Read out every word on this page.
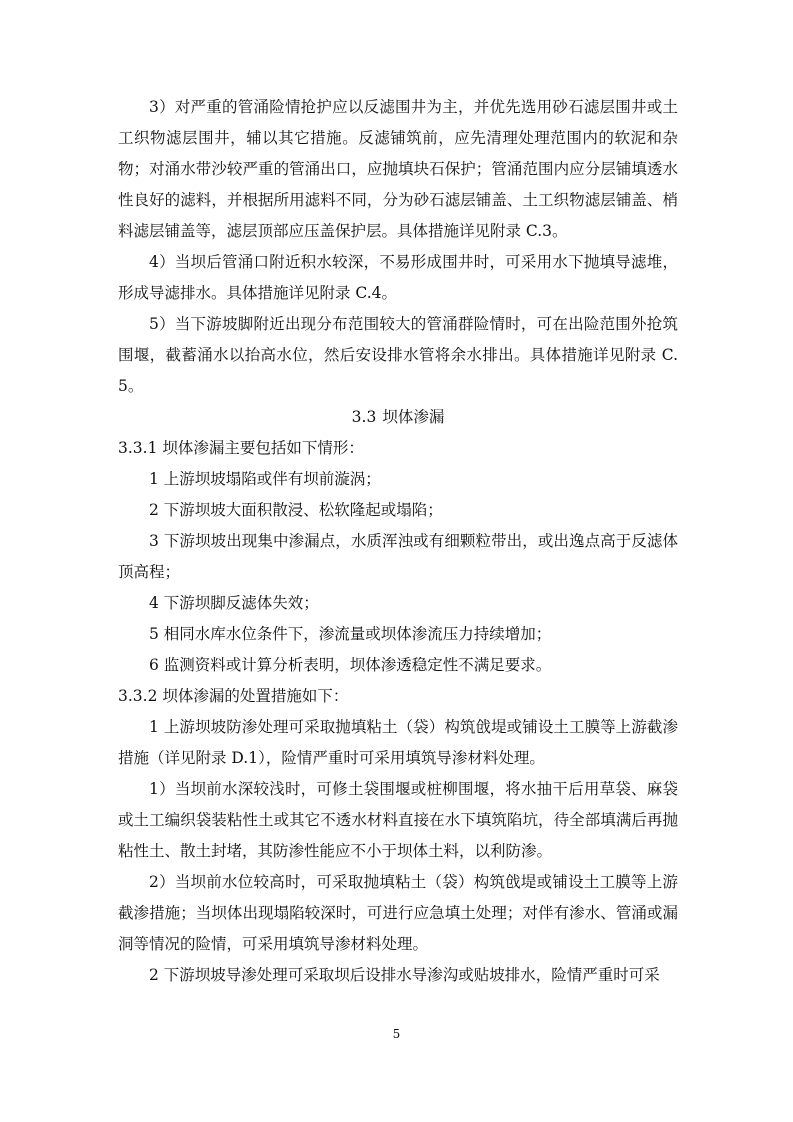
3）对严重的管涌险情抢护应以反滤围井为主，并优先选用砂石滤层围井或土工织物滤层围井，辅以其它措施。反滤铺筑前，应先清理处理范围内的软泥和杂物；对涌水带沙较严重的管涌出口，应抛填块石保护；管涌范围内应分层铺填透水性良好的滤料，并根据所用滤料不同，分为砂石滤层铺盖、土工织物滤层铺盖、梢料滤层铺盖等，滤层顶部应压盖保护层。具体措施详见附录 C.3。

4）当坝后管涌口附近积水较深，不易形成围井时，可采用水下抛填导滤堆，形成导滤排水。具体措施详见附录 C.4。

5）当下游坡脚附近出现分布范围较大的管涌群险情时，可在出险范围外抢筑围堰，截蓄涌水以抬高水位，然后安设排水管将余水排出。具体措施详见附录 C.5。

3.3 坝体渗漏

3.3.1 坝体渗漏主要包括如下情形：

1 上游坝坡塌陷或伴有坝前漩涡；

2 下游坝坡大面积散浸、松软隆起或塌陷；

3 下游坝坡出现集中渗漏点，水质浑浊或有细颗粒带出，或出逸点高于反滤体顶高程；

4 下游坝脚反滤体失效；

5 相同水库水位条件下，渗流量或坝体渗流压力持续增加；

6 监测资料或计算分析表明，坝体渗透稳定性不满足要求。

3.3.2 坝体渗漏的处置措施如下：

1 上游坝坡防渗处理可采取抛填粘土（袋）构筑戗堤或铺设土工膜等上游截渗措施（详见附录 D.1），险情严重时可采用填筑导渗材料处理。

1）当坝前水深较浅时，可修土袋围堰或桩柳围堰，将水抽干后用草袋、麻袋或土工编织袋装粘性土或其它不透水材料直接在水下填筑陷坑，待全部填满后再抛粘性土、散土封堵，其防渗性能应不小于坝体土料，以利防渗。

2）当坝前水位较高时，可采取抛填粘土（袋）构筑戗堤或铺设土工膜等上游截渗措施；当坝体出现塌陷较深时，可进行应急填土处理；对伴有渗水、管涌或漏洞等情况的险情，可采用填筑导渗材料处理。

2 下游坝坡导渗处理可采取坝后设排水导渗沟或贴坡排水，险情严重时可采

5
